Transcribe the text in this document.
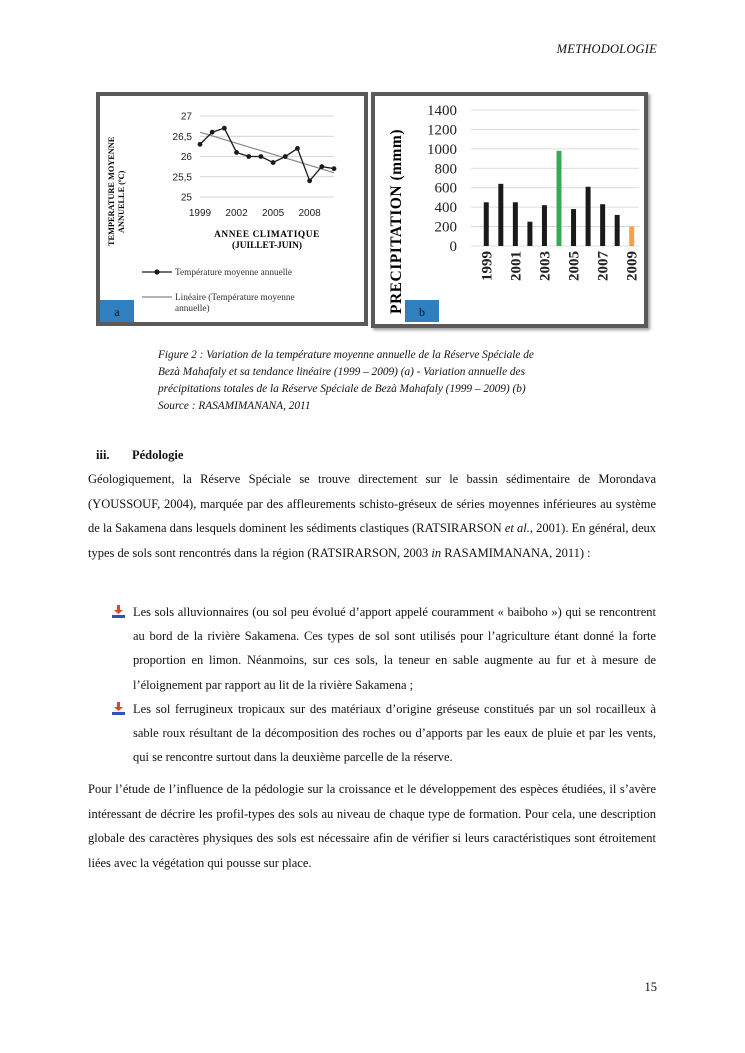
METHODOLOGIE
27
26,5
26
25,5
25
1999 2002 2005 2008
TEMPERATURE MOYENNE ANNUELLE (ºC)
ANNEE CLIMATIQUE
(JUILLET-JUIN)
Température moyenne annuelle
Linéaire (Température moyenne
annuelle)
a
1400
1200
1000
800
600
400
200
0
1999 2001 2003 2005 2007 2009
PRECIPITATION (mmm) b

Figure 2 : Variation de la température moyenne annuelle de la Réserve Spéciale de

Bezà Mahafaly et sa tendance linéaire (1999 – 2009) (a) - Variation annuelle des

précipitations totales de la Réserve Spéciale de Bezà Mahafaly (1999 – 2009) (b)

Source : RASAMIMANANA, 2011

iii. Pédologie
Géologiquement, la Réserve Spéciale se trouve directement sur le bassin sédimentaire de Morondava (YOUSSOUF, 2004), marquée par des affleurements schisto-gréseux de séries moyennes inférieures au système de la Sakamena dans lesquels dominent les sédiments clastiques (RATSIRARSON et al., 2001). En général, deux types de sols sont rencontrés dans la région (RATSIRARSON, 2003 in RASAMIMANANA, 2011) :
Les sols alluvionnaires (ou sol peu évolué d’apport appelé couramment « baiboho ») qui se rencontrent au bord de la rivière Sakamena. Ces types de sol sont utilisés pour l’agriculture étant donné la forte proportion en limon. Néanmoins, sur ces sols, la teneur en sable augmente au fur et à mesure de l’éloignement par rapport au lit de la rivière Sakamena ;
Les sol ferrugineux tropicaux sur des matériaux d’origine gréseuse constitués par un sol rocailleux à sable roux résultant de la décomposition des roches ou d’apports par les eaux de pluie et par les vents, qui se rencontre surtout dans la deuxième parcelle de la réserve.
Pour l’étude de l’influence de la pédologie sur la croissance et le développement des espèces étudiées, il s’avère intéressant de décrire les profil-types des sols au niveau de chaque type de formation. Pour cela, une description globale des caractères physiques des sols est nécessaire afin de vérifier si leurs caractéristiques sont étroitement liées avec la végétation qui pousse sur place.
15
